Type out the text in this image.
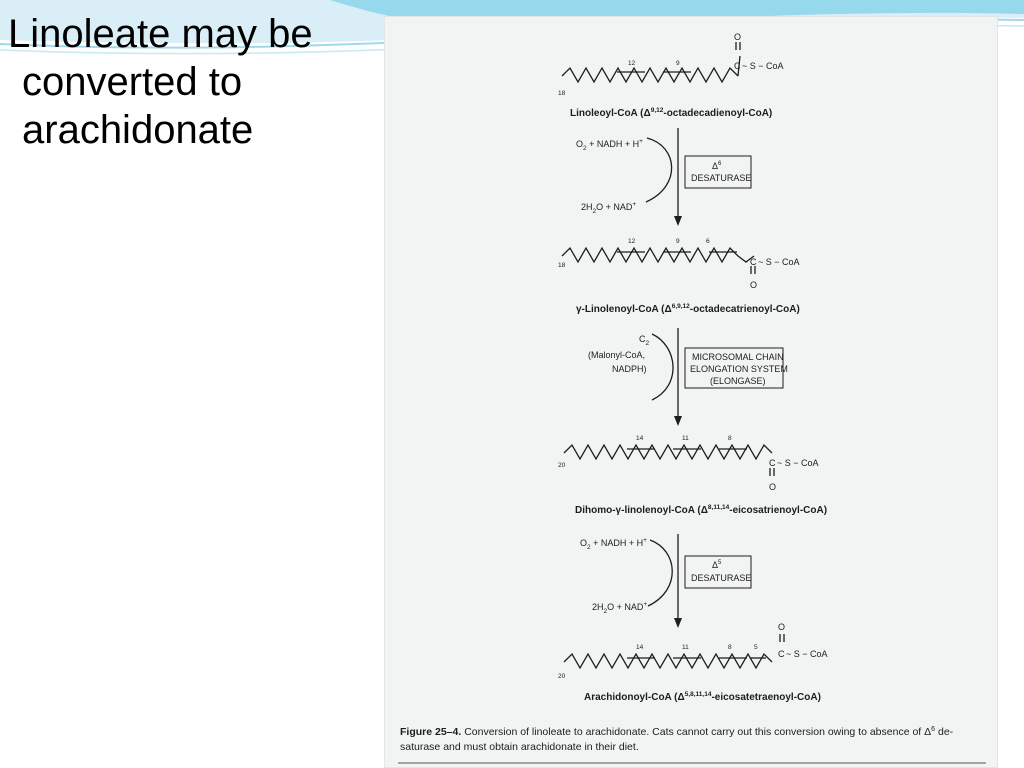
Linoleate may be
converted to
arachidonate
18
12	9
O
C ~ S − CoA
Linoleoyl-CoA $(\Delta^{9,12}-octadecadienoyl-CoA)$
$O_2$ + NADH + H+
$2H_2O + NAD^+$
$\Delta^6$
DESATURASE
18
12	9	6
C ~ S − CoA
O
γ-Linolenoyl-CoA $(\Delta^{6,9,12}-octadecatrienoyl-CoA)$
$C_2$
(Malonyl-CoA,
NADPH)
MICROSOMAL CHAIN
ELONGATION SYSTEM
(ELONGASE)
20
14	11	8
C ~ S − CoA
O
Dihomo-γ-linolenoyl-CoA $(\Delta^{8,11,14}-eicosatrienoyl-CoA)$
$O_2$ + NADH + H+
$2H_2O + NAD^+$
$\Delta^5$
DESATURASE
20
14	11	8	5
O
C ~ S − CoA
Arachidonoyl-CoA $(\Delta^{5,8,11,14}-eicosatetraenoyl-CoA)$
Figure 25–4. Conversion of linoleate to arachidonate. Cats cannot carry out this conversion owing to absence of $\Delta^6$ de-
saturase and must obtain arachidonate in their diet.
